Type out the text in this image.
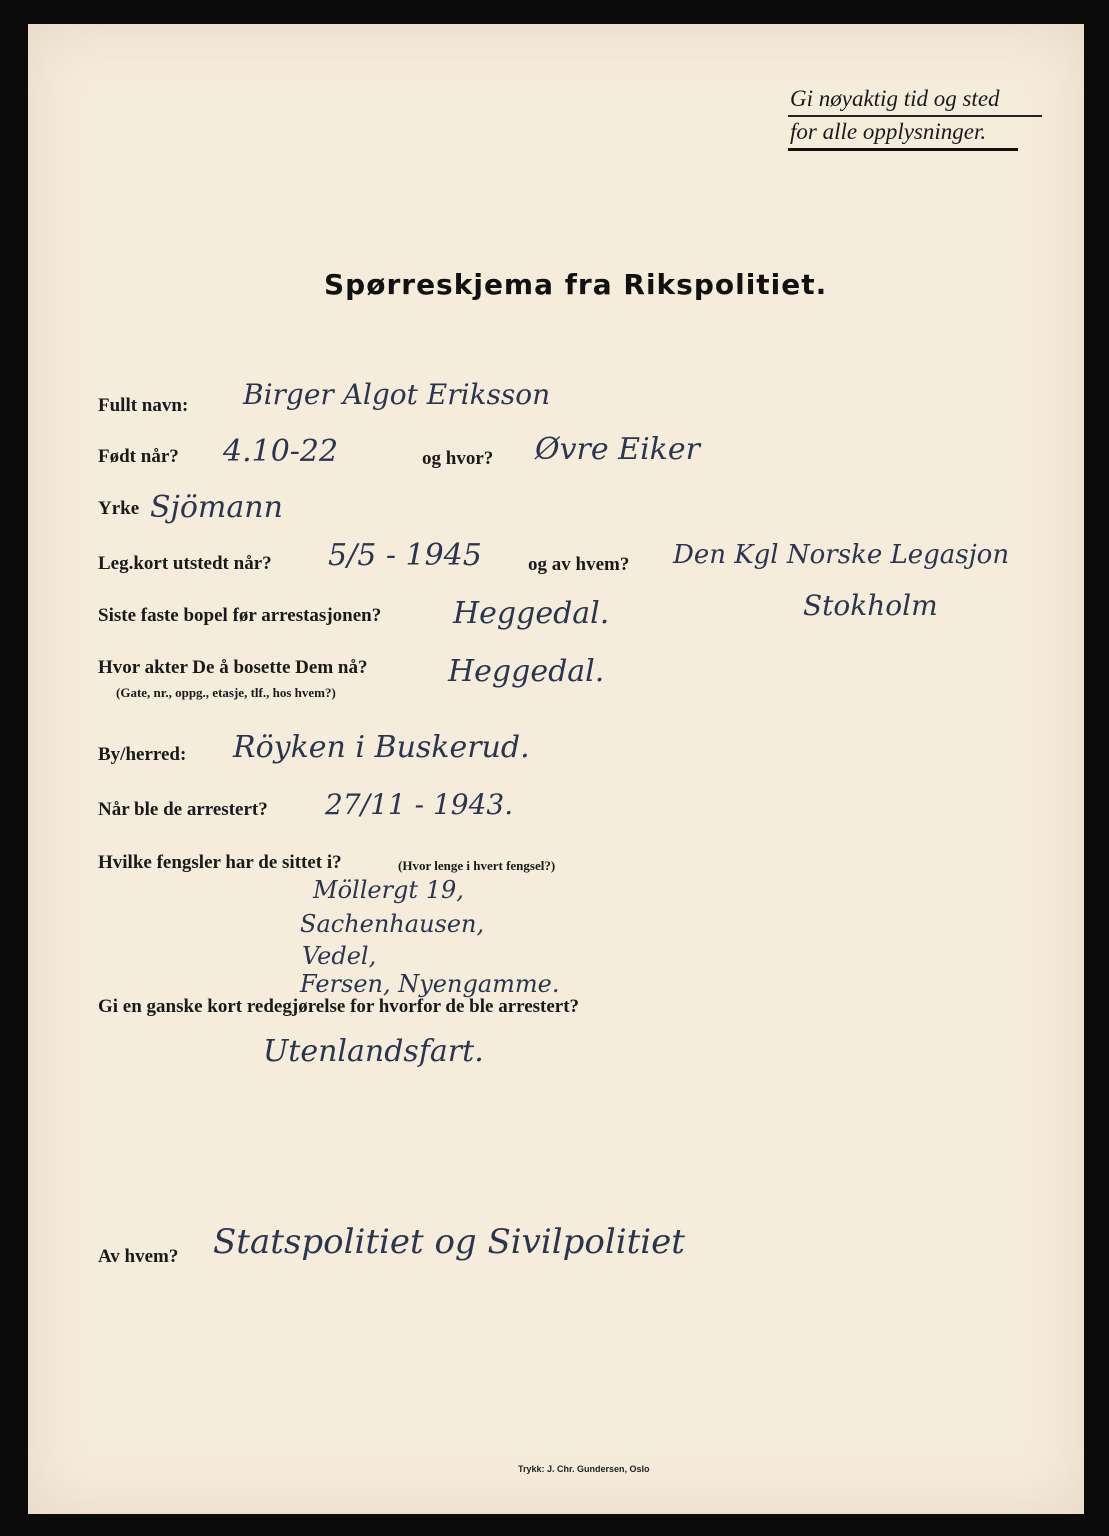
Gi nøyaktig tid og sted
for alle opplysninger.
Spørreskjema fra Rikspolitiet.
Fullt navn: Birger Algot Eriksson
Født når? 4.10-22	og hvor? Øvre Eiker
Yrke Sjömann
Leg.kort utstedt når? 5/5 - 1945 og av hvem? Den Kgl Norske Legasjon
Stokholm
Siste faste bopel før arrestasjonen? Heggedal.
Hvor akter De å bosette Dem nå?
(Gate, nr., oppg., etasje, tlf., hos hvem?)
Heggedal.
By/herred: Röyken i Buskerud.
Når ble de arrestert? 27/11 - 1943.
Hvilke fengsler har de sittet i?	(Hvor lenge i hvert fengsel?)
Möllergt 19,
Sachenhausen,
Vedel,
Fersen, Nyengamme.
Gi en ganske kort redegjørelse for hvorfor de ble arrestert?
Utenlandsfart.
Av hvem? Statspolitiet og Sivilpolitiet
Trykk: J. Chr. Gundersen, Oslo
